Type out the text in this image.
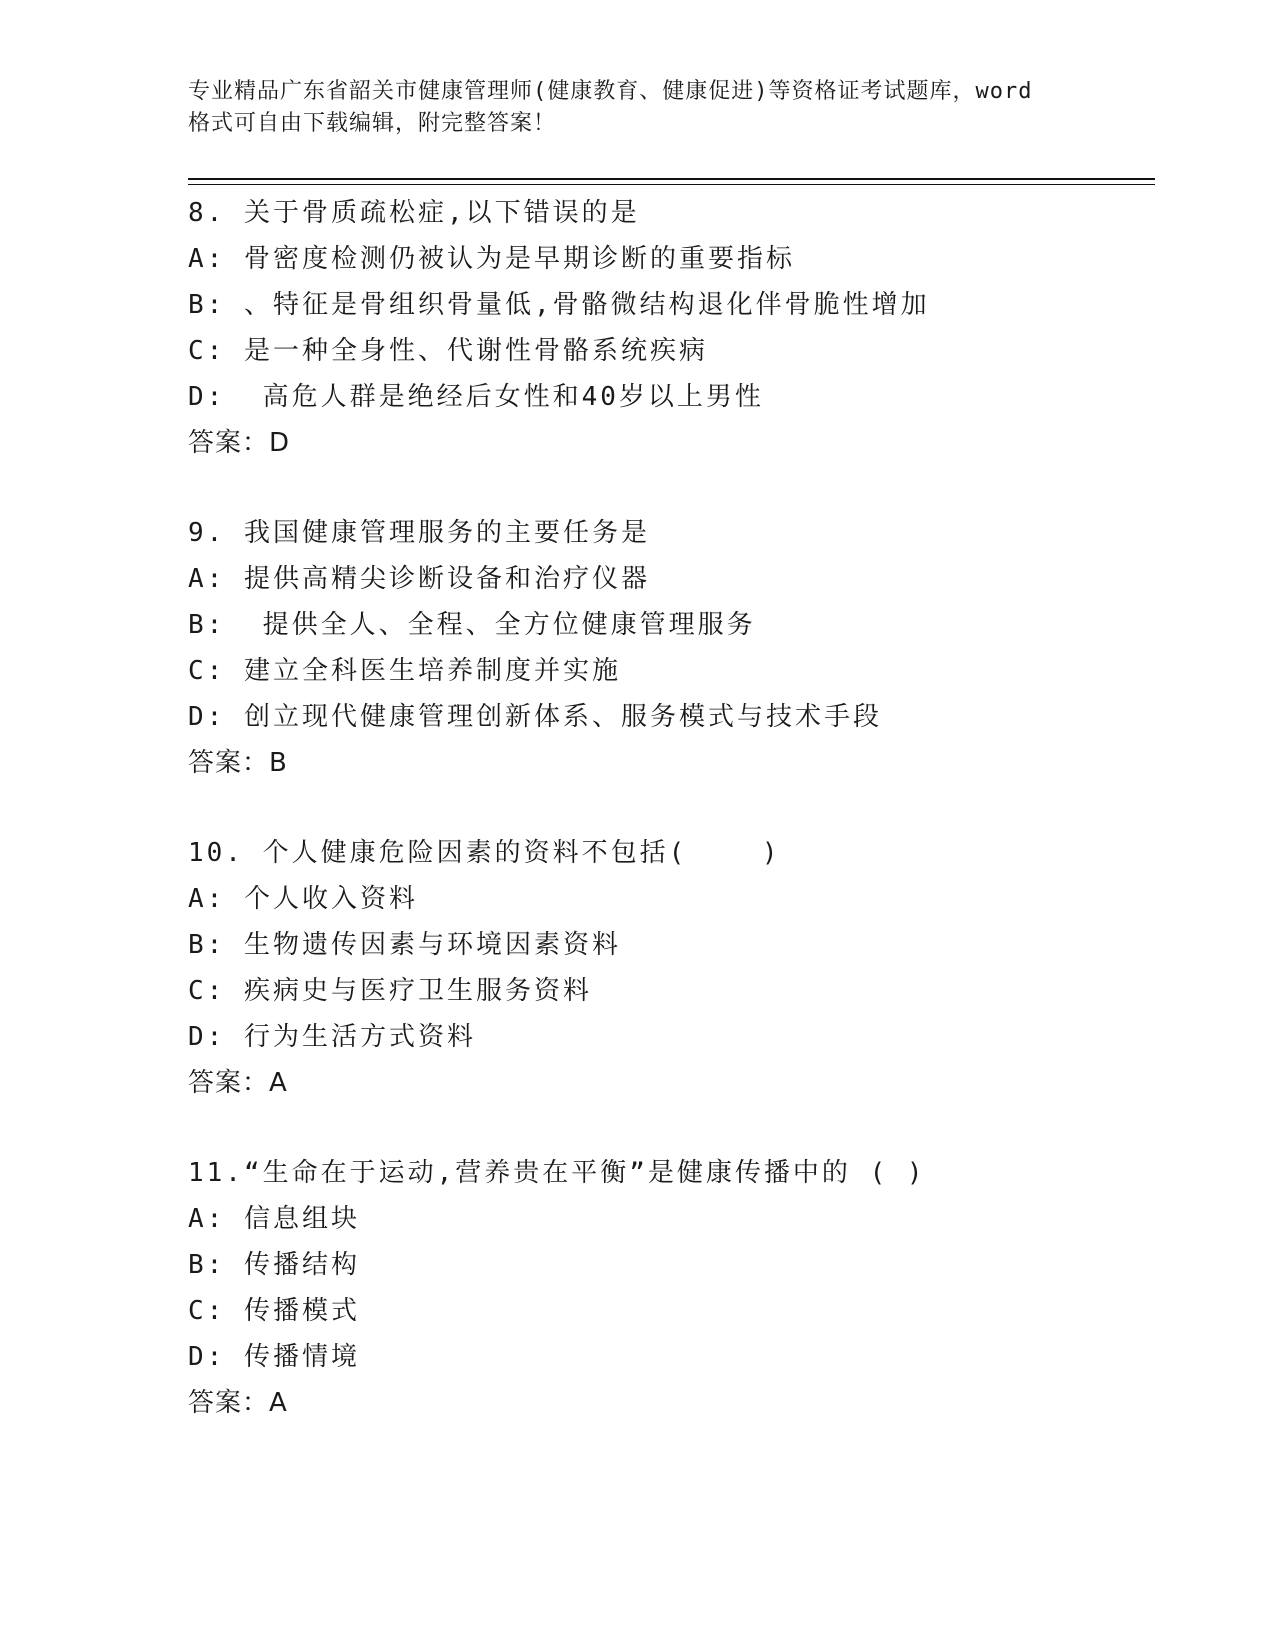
专业精品广东省韶关市健康管理师(健康教育、健康促进)等资格证考试题库，word
格式可自由下载编辑，附完整答案！
8. 关于骨质疏松症,以下错误的是
A: 骨密度检测仍被认为是早期诊断的重要指标
B: 、特征是骨组织骨量低,骨骼微结构退化伴骨脆性增加
C: 是一种全身性、代谢性骨骼系统疾病
D:  高危人群是绝经后女性和40岁以上男性
答案：D
9. 我国健康管理服务的主要任务是
A: 提供高精尖诊断设备和治疗仪器
B:  提供全人、全程、全方位健康管理服务
C: 建立全科医生培养制度并实施
D: 创立现代健康管理创新体系、服务模式与技术手段
答案：B
10. 个人健康危险因素的资料不包括(    )
A: 个人收入资料
B: 生物遗传因素与环境因素资料
C: 疾病史与医疗卫生服务资料
D: 行为生活方式资料
答案：A
11.“生命在于运动,营养贵在平衡”是健康传播中的 ( )
A: 信息组块
B: 传播结构
C: 传播模式
D: 传播情境
答案：A
